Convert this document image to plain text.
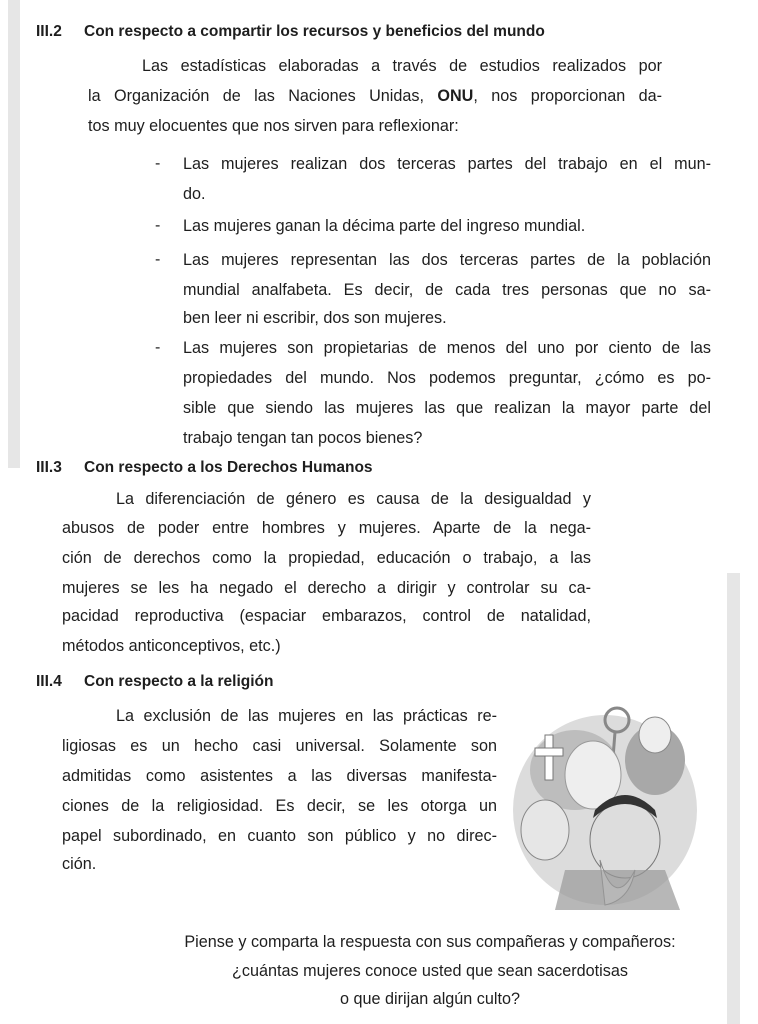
III.2 Con respecto a compartir los recursos y beneficios del mundo
Las estadísticas elaboradas a través de estudios realizados por
la Organización de las Naciones Unidas, ONU, nos proporcionan da-
tos muy elocuentes que nos sirven para reflexionar:
- Las mujeres realizan dos terceras partes del trabajo en el mun-
do.
- Las mujeres ganan la décima parte del ingreso mundial.
- Las mujeres representan las dos terceras partes de la población
mundial analfabeta. Es decir, de cada tres personas que no sa-
ben leer ni escribir, dos son mujeres.
- Las mujeres son propietarias de menos del uno por ciento de las
propiedades del mundo. Nos podemos preguntar, ¿cómo es po-
sible que siendo las mujeres las que realizan la mayor parte del
trabajo tengan tan pocos bienes?
III.3 Con respecto a los Derechos Humanos
La diferenciación de género es causa de la desigualdad y
abusos de poder entre hombres y mujeres. Aparte de la nega-
ción de derechos como la propiedad, educación o trabajo, a las
mujeres se les ha negado el derecho a dirigir y controlar su ca-
pacidad reproductiva (espaciar embarazos, control de natalidad,
métodos anticonceptivos, etc.)
III.4 Con respecto a la religión
La exclusión de las mujeres en las prácticas re-
ligiosas es un hecho casi universal. Solamente son
admitidas como asistentes a las diversas manifesta-
ciones de la religiosidad. Es decir, se les otorga un
papel subordinado, en cuanto son público y no direc-
ción.
Piense y comparta la respuesta con sus compañeras y compañeros:
¿cuántas mujeres conoce usted que sean sacerdotisas
o que dirijan algún culto?
